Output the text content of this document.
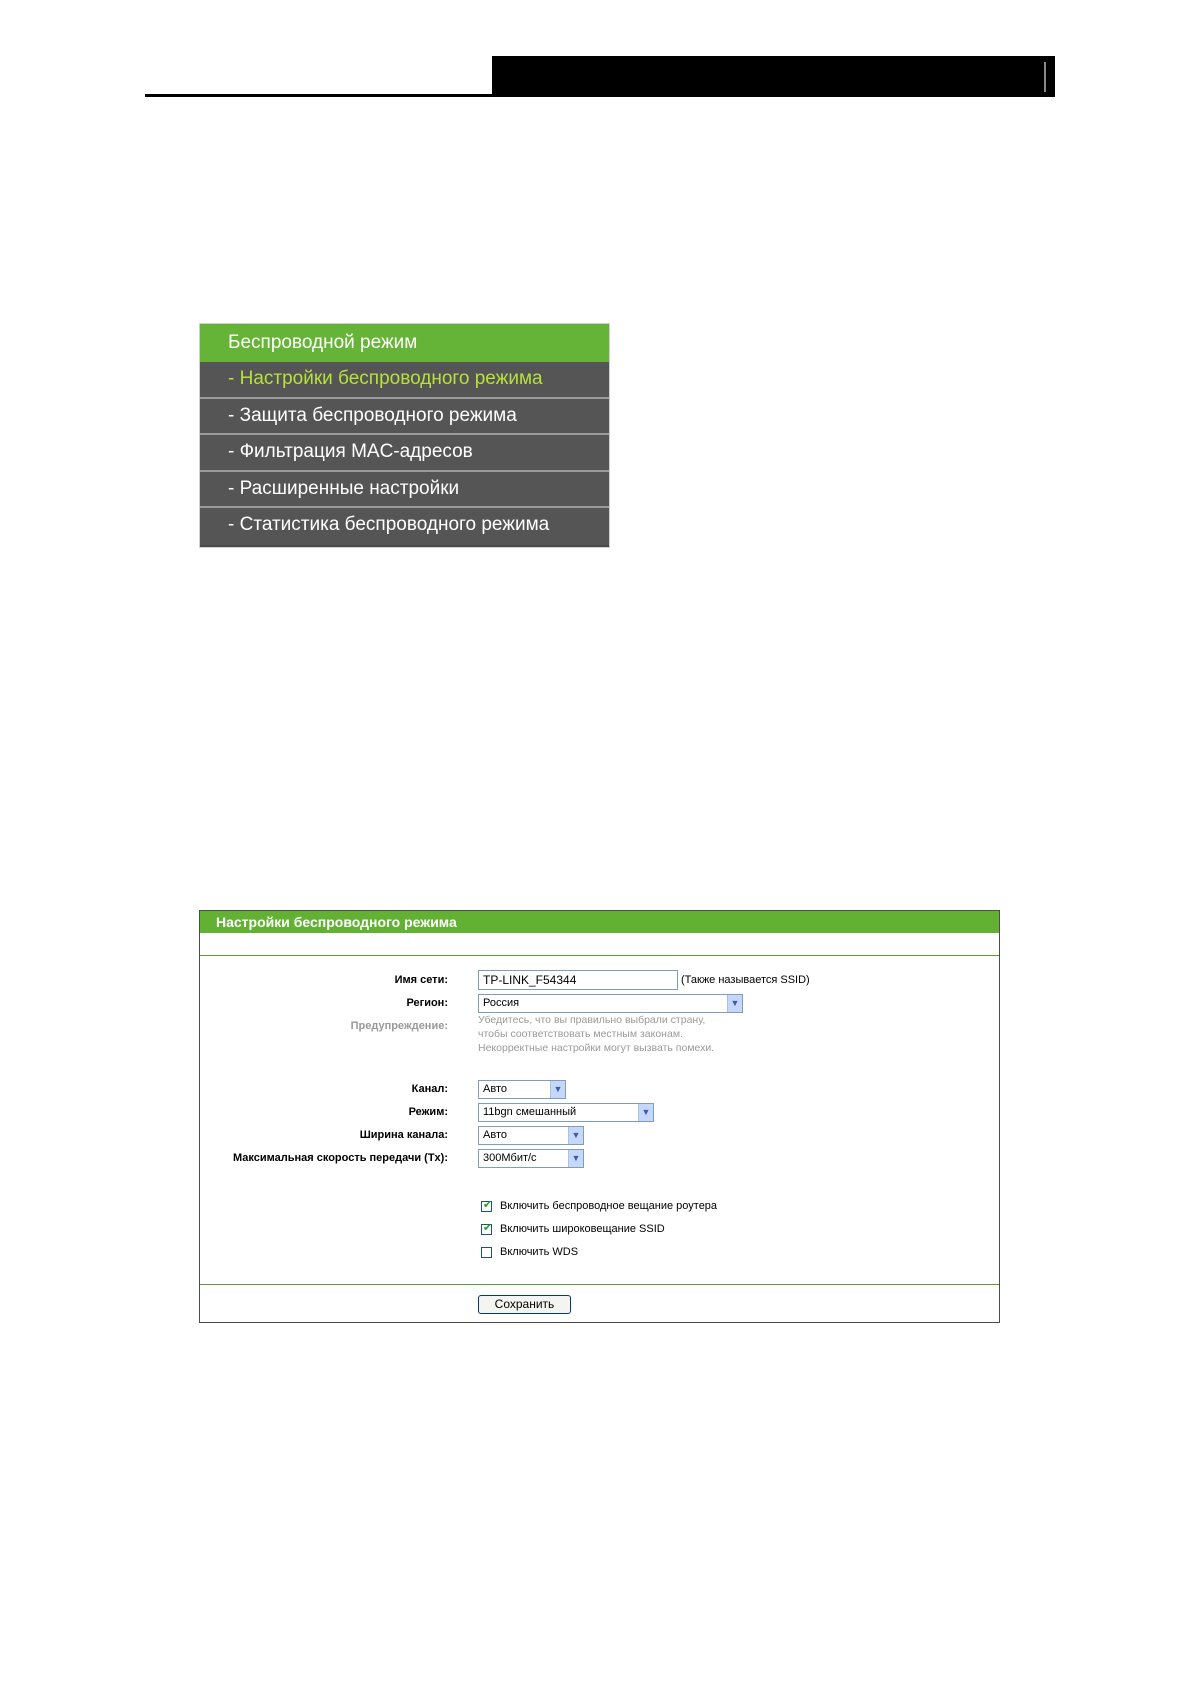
Беспроводной режим
- Настройки беспроводного режима
- Защита беспроводного режима
- Фильтрация MAC-адресов
- Расширенные настройки
- Статистика беспроводного режима
Настройки беспроводного режима
Имя сети:	TP-LINK_F54344	(Также называется SSID)
Регион:	Россия	▼
Предупреждение:	Убедитесь, что вы правильно выбрали страну,
чтобы соответствовать местным законам.
Некорректные настройки могут вызвать помехи.
Канал:	Авто	▼
Режим:	11bgn смешанный	▼
Ширина канала:	Авто	▼
Максимальная скорость передачи (Tx):	300Мбит/с	▼
✔ Включить беспроводное вещание роутера
✔ Включить широковещание SSID
Включить WDS
Сохранить
